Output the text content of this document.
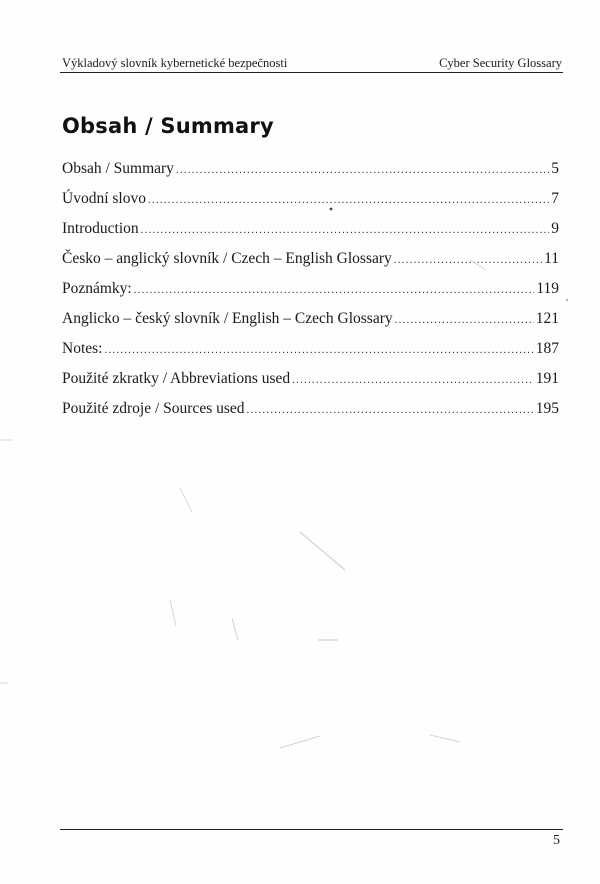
Výkladový slovník kybernetické bezpečnosti	Cyber Security Glossary
Obsah / Summary
Obsah / Summary .....	5
Úvodní slovo .....	7
Introduction .....	9
Česko – anglický slovník / Czech – English Glossary .....	11
Poznámky: .....	119
Anglicko – český slovník / English – Czech Glossary .....	121
Notes: .....	187
Použité zkratky / Abbreviations used .....	191
Použité zdroje / Sources used .....	195
5
